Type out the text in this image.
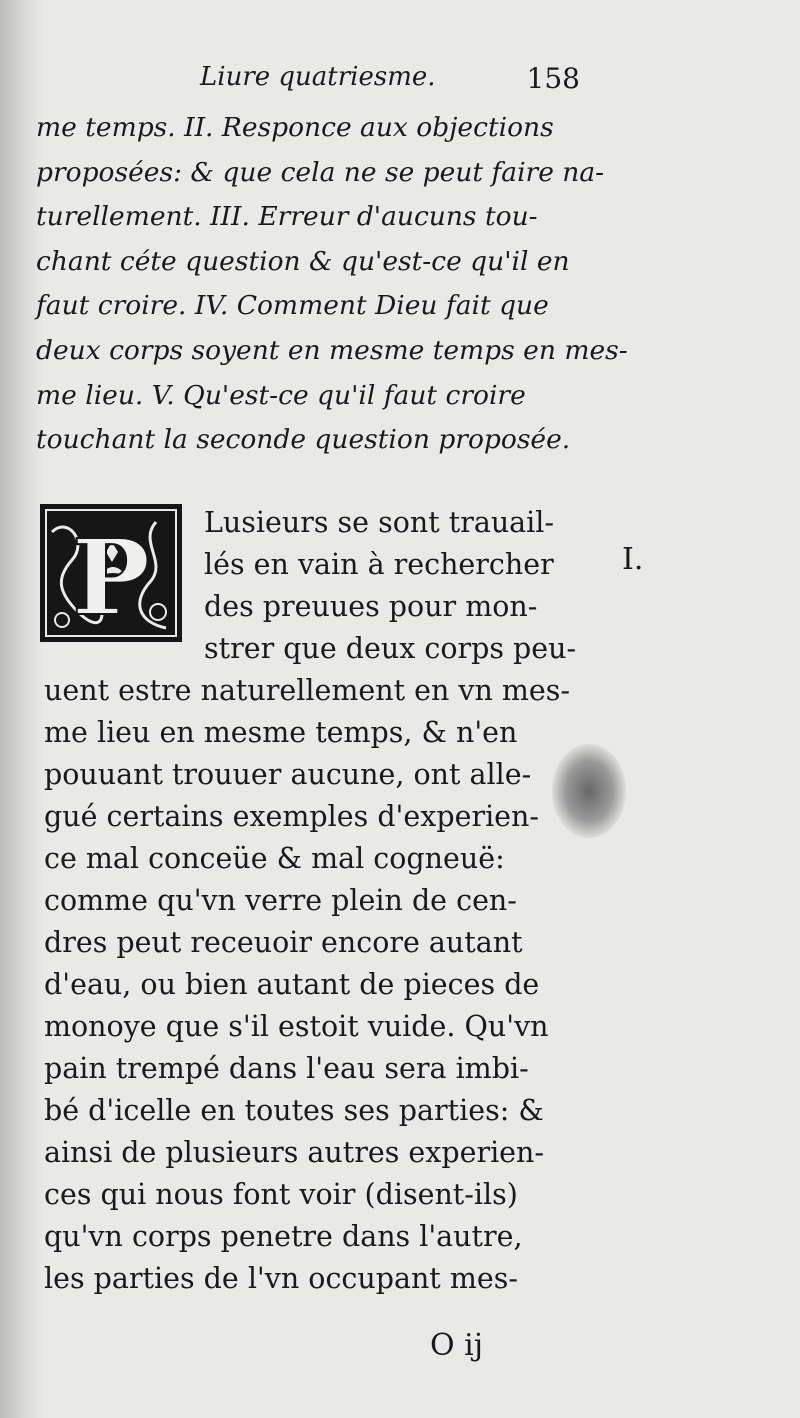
Liure quatriesme.	158
me temps. II. Responce aux objections
proposées: & que cela ne se peut faire na-
turellement. III. Erreur d'aucuns tou-
chant céte question & qu'est-ce qu'il en
faut croire. IV. Comment Dieu fait que
deux corps soyent en mesme temps en mes-
me lieu. V. Qu'est-ce qu'il faut croire
touchant la seconde question proposée.
P	Lusieurs se sont trauail-
lés en vain à rechercher
des preuues pour mon-
strer que deux corps peu-
uent estre naturellement en vn mes-
me lieu en mesme temps, & n'en
pouuant trouuer aucune, ont alle-
gué certains exemples d'experien-
ce mal conceüe & mal cogneuë:
comme qu'vn verre plein de cen-
dres peut receuoir encore autant
d'eau, ou bien autant de pieces de
monoye que s'il estoit vuide. Qu'vn
pain trempé dans l'eau sera imbi-
bé d'icelle en toutes ses parties: &
ainsi de plusieurs autres experien-
ces qui nous font voir (disent-ils)
qu'vn corps penetre dans l'autre,
les parties de l'vn occupant mes-
I.
O ij
